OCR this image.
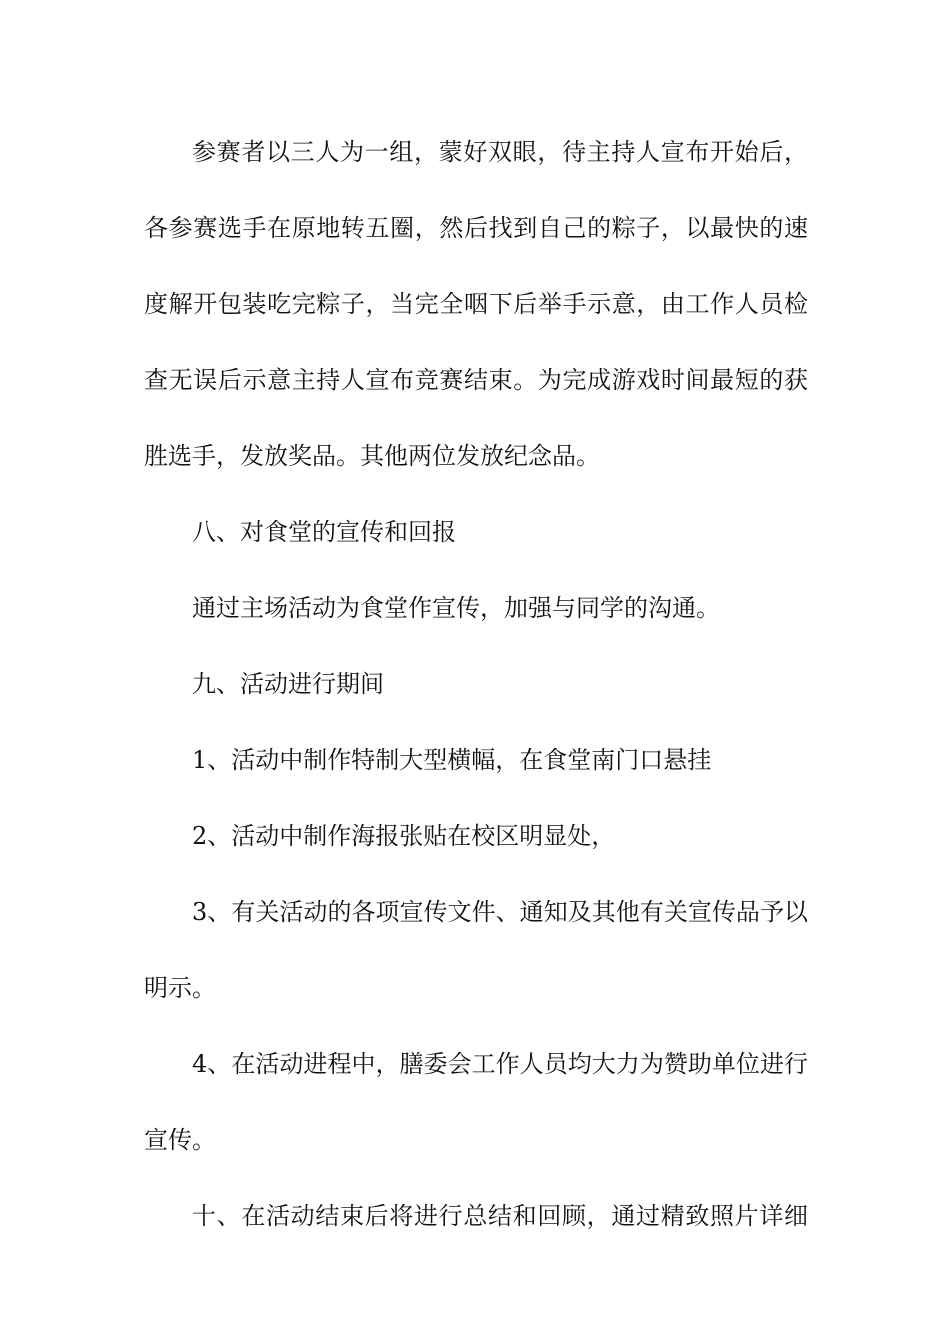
参赛者以三人为一组，蒙好双眼，待主持人宣布开始后，
各参赛选手在原地转五圈，然后找到自己的粽子，以最快的速
度解开包装吃完粽子，当完全咽下后举手示意，由工作人员检
查无误后示意主持人宣布竞赛结束。为完成游戏时间最短的获
胜选手，发放奖品。其他两位发放纪念品。
八、对食堂的宣传和回报
通过主场活动为食堂作宣传，加强与同学的沟通。
九、活动进行期间
1、活动中制作特制大型横幅，在食堂南门口悬挂
2、活动中制作海报张贴在校区明显处，
3、有关活动的各项宣传文件、通知及其他有关宣传品予以
明示。
4、在活动进程中，膳委会工作人员均大力为赞助单位进行
宣传。
十、在活动结束后将进行总结和回顾，通过精致照片详细
